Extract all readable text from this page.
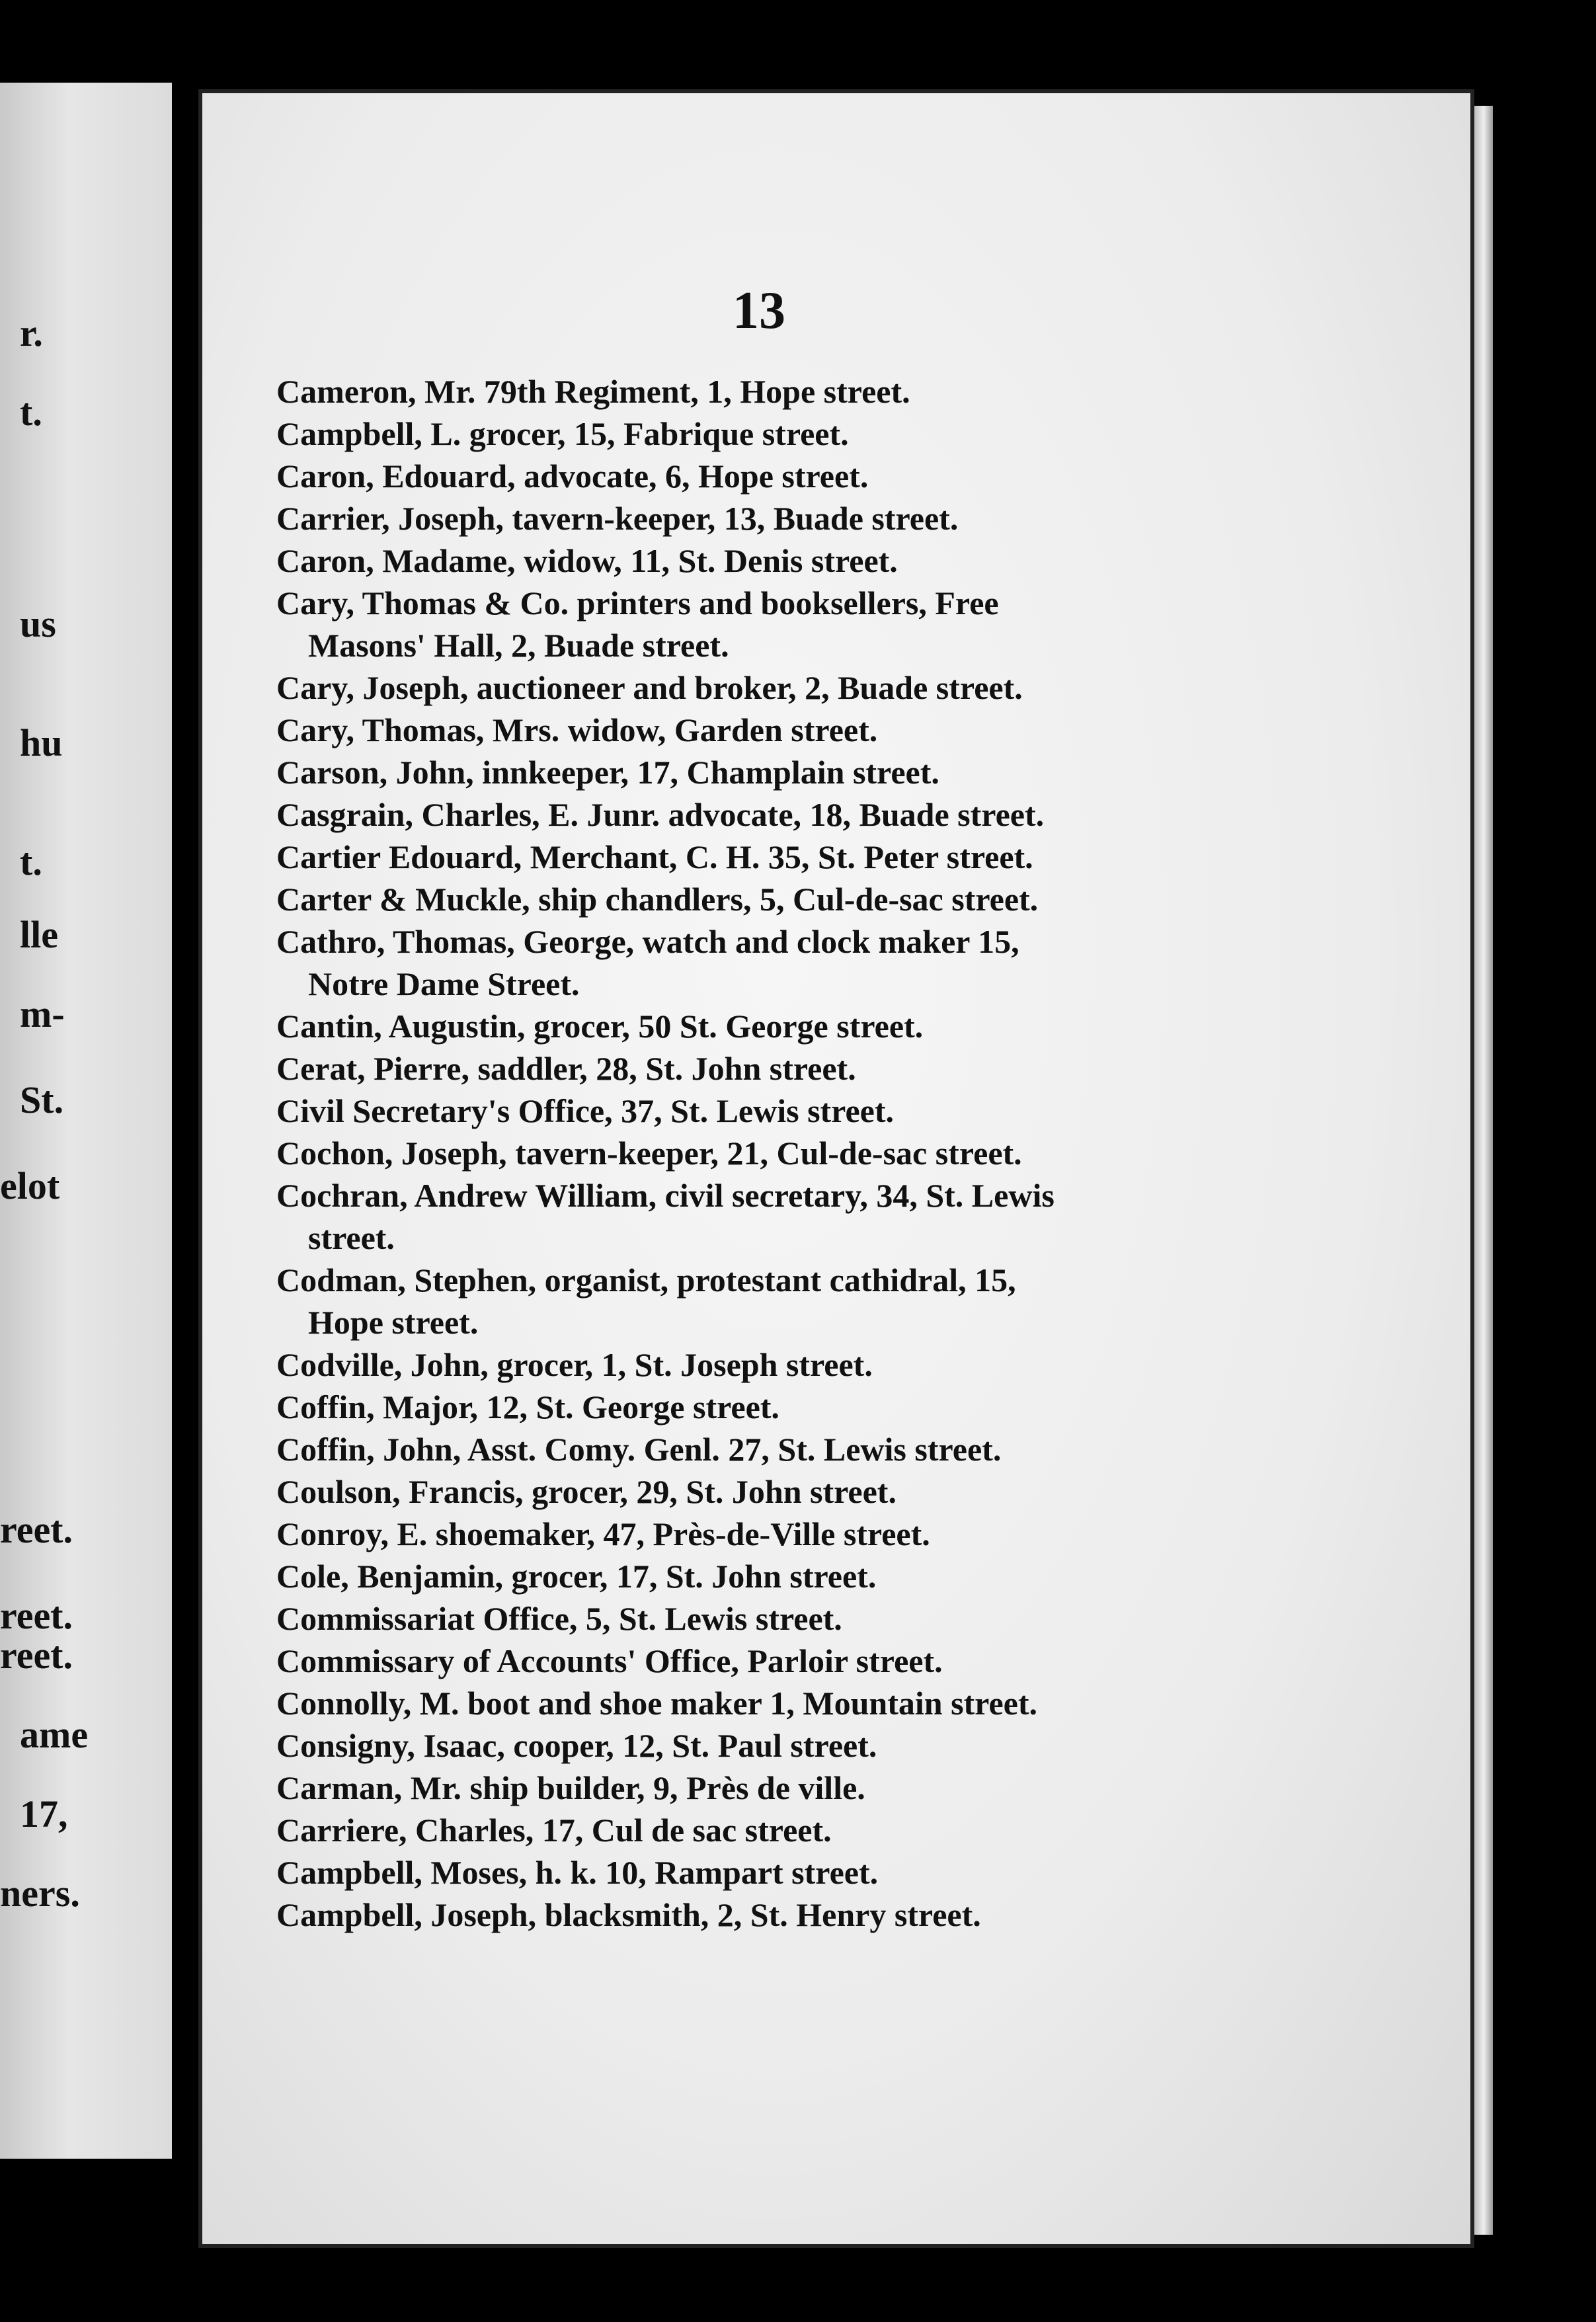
r.
t.
us
hu
t.
lle
m-
St.
elot
reet.
reet.
reet.
ame
17,
ners.
13
Cameron, Mr. 79th Regiment, 1, Hope street.
Campbell, L. grocer, 15, Fabrique street.
Caron, Edouard, advocate, 6, Hope street.
Carrier, Joseph, tavern-keeper, 13, Buade street.
Caron, Madame, widow, 11, St. Denis street.
Cary, Thomas & Co. printers and booksellers, Free
Masons' Hall, 2, Buade street.
Cary, Joseph, auctioneer and broker, 2, Buade street.
Cary, Thomas, Mrs. widow, Garden street.
Carson, John, innkeeper, 17, Champlain street.
Casgrain, Charles, E. Junr. advocate, 18, Buade street.
Cartier Edouard, Merchant, C. H. 35, St. Peter street.
Carter & Muckle, ship chandlers, 5, Cul-de-sac street.
Cathro, Thomas, George, watch and clock maker 15,
Notre Dame Street.
Cantin, Augustin, grocer, 50 St. George street.
Cerat, Pierre, saddler, 28, St. John street.
Civil Secretary's Office, 37, St. Lewis street.
Cochon, Joseph, tavern-keeper, 21, Cul-de-sac street.
Cochran, Andrew William, civil secretary, 34, St. Lewis
street.
Codman, Stephen, organist, protestant cathidral, 15,
Hope street.
Codville, John, grocer, 1, St. Joseph street.
Coffin, Major, 12, St. George street.
Coffin, John, Asst. Comy. Genl. 27, St. Lewis street.
Coulson, Francis, grocer, 29, St. John street.
Conroy, E. shoemaker, 47, Près-de-Ville street.
Cole, Benjamin, grocer, 17, St. John street.
Commissariat Office, 5, St. Lewis street.
Commissary of Accounts' Office, Parloir street.
Connolly, M. boot and shoe maker 1, Mountain street.
Consigny, Isaac, cooper, 12, St. Paul street.
Carman, Mr. ship builder, 9, Près de ville.
Carriere, Charles, 17, Cul de sac street.
Campbell, Moses, h. k. 10, Rampart street.
Campbell, Joseph, blacksmith, 2, St. Henry street.
